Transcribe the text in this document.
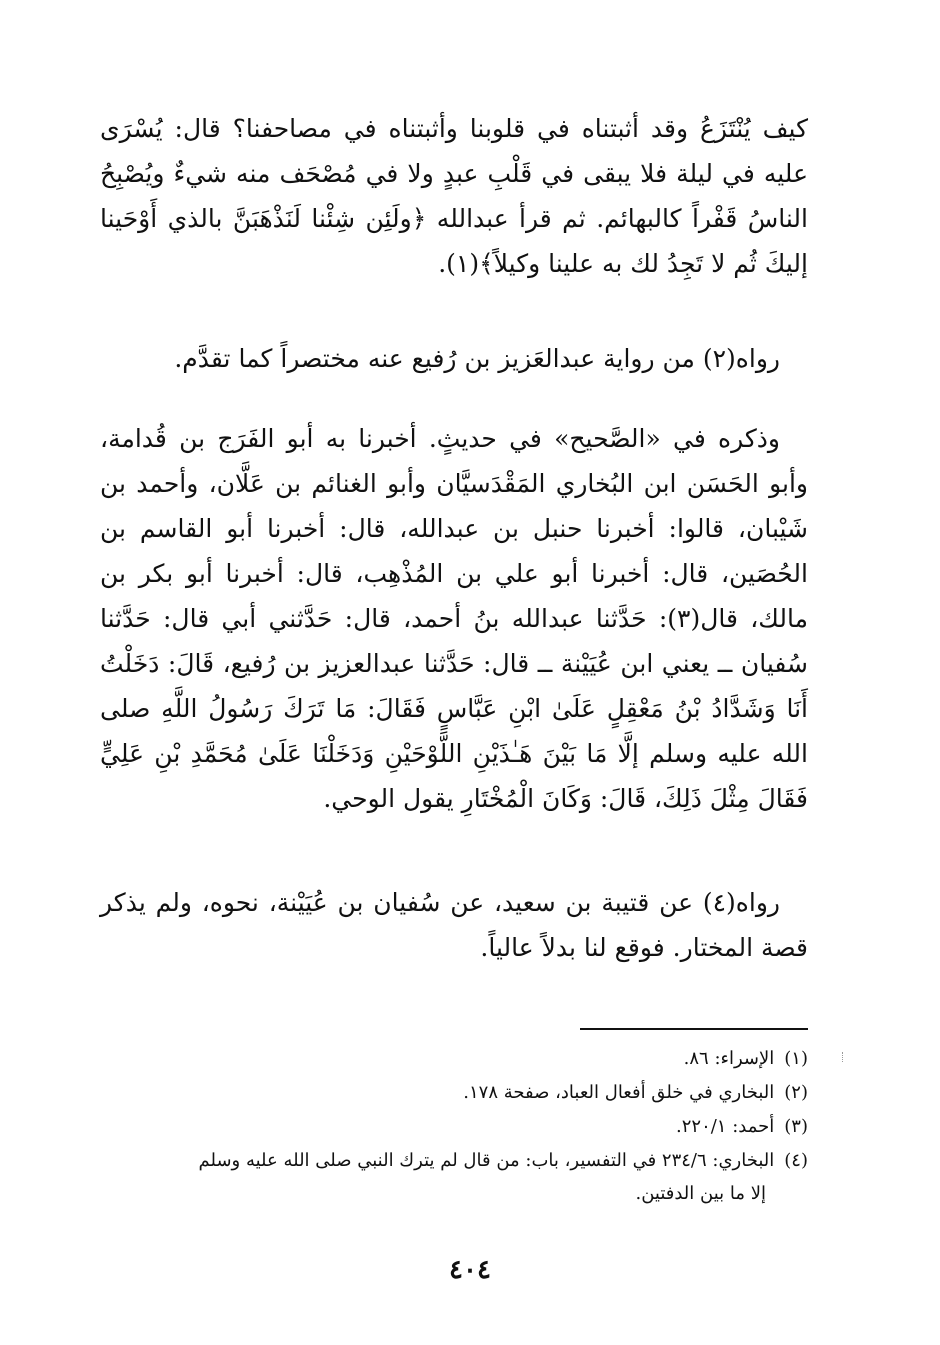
كيف يُنْتَزَعُ وقد أثبتناه في قلوبنا وأثبتناه في مصاحفنا؟ قال: يُسْرَى عليه في ليلة فلا يبقى في قَلْبِ عبدٍ ولا في مُصْحَف منه شيءٌ ويُصْبِحُ الناسُ قَفْراً كالبهائم. ثم قرأ عبدالله ﴿ولَئِن شِئْنا لَنَذْهَبَنَّ بالذي أَوْحَينا إليكَ ثُم لا تَجِدُ لك به علينا وكيلاً﴾(١).

رواه(٢) من رواية عبدالعَزيز بن رُفيع عنه مختصراً كما تقدَّم.

وذكره في «الصَّحيح» في حديثٍ. أخبرنا به أبو الفَرَج بن قُدامة، وأبو الحَسَن ابن البُخاري المَقْدَسيَّان وأبو الغنائم بن عَلَّان، وأحمد بن شَيْبان، قالوا: أخبرنا حنبل بن عبدالله، قال: أخبرنا أبو القاسم بن الحُصَين، قال: أخبرنا أبو علي بن المُذْهِب، قال: أخبرنا أبو بكر بن مالك، قال(٣): حَدَّثنا عبدالله بنُ أحمد، قال: حَدَّثني أبي قال: حَدَّثنا سُفيان ــ يعني ابن عُيَيْنة ــ قال: حَدَّثنا عبدالعزيز بن رُفيع، قَالَ: دَخَلْتُ أَنَا وَشَدَّادُ بْنُ مَعْقِلٍ عَلَىٰ ابْنِ عَبَّاسٍ فَقَالَ: مَا تَرَكَ رَسُولُ اللَّهِ صلى الله عليه وسلم إلَّا مَا بَيْنَ هَـٰذَيْنِ اللَّوْحَيْنِ وَدَخَلْنَا عَلَىٰ مُحَمَّدِ بْنِ عَلِيٍّ فَقَالَ مِثْلَ ذَلِكَ، قَالَ: وَكَانَ الْمُخْتَارِ يقول الوحي.

رواه(٤) عن قتيبة بن سعيد، عن سُفيان بن عُيَيْنة، نحوه، ولم يذكر قصة المختار. فوقع لنا بدلاً عالياً.

(١)الإسراء: ٨٦.
(٢)البخاري في خلق أفعال العباد، صفحة ١٧٨.
(٣)أحمد: ٢٢٠/١.
(٤)البخاري: ٢٣٤/٦ في التفسير، باب: من قال لم يترك النبي صلى الله عليه وسلم
إلا ما بين الدفتين.
٤٠٤
